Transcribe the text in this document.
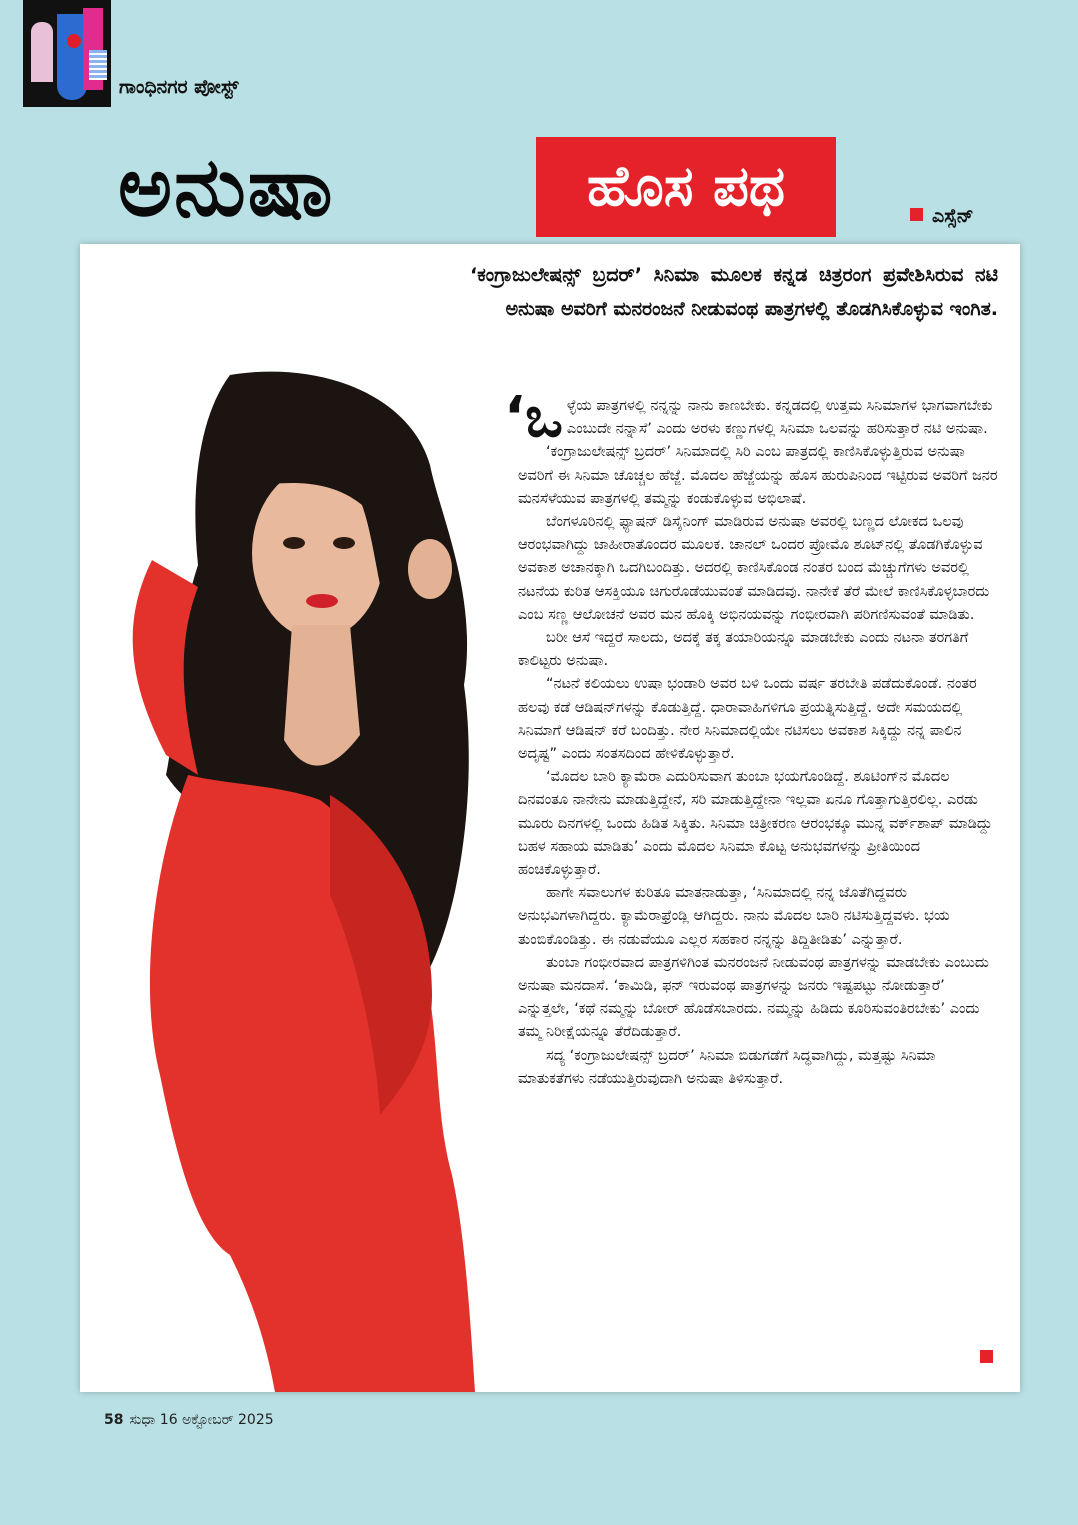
ಗಾಂಧಿನಗರ ಪೋಸ್ಟ್
ಅನುಷಾ	ಹೊಸ ಪಥ	ಎಸ್ಸೆನ್

‘ಕಂಗ್ರಾಜುಲೇಷನ್ಸ್ ಬ್ರದರ್’ ಸಿನಿಮಾ ಮೂಲಕ ಕನ್ನಡ ಚಿತ್ರರಂಗ ಪ್ರವೇಶಿಸಿರುವ ನಟಿ ಅನುಷಾ ಅವರಿಗೆ ಮನರಂಜನೆ ನೀಡುವಂಥ ಪಾತ್ರಗಳಲ್ಲಿ ತೊಡಗಿಸಿಕೊಳ್ಳುವ ಇಂಗಿತ.

‘ಒಳ್ಳೆಯ ಪಾತ್ರಗಳಲ್ಲಿ ನನ್ನನ್ನು ನಾನು ಕಾಣಬೇಕು. ಕನ್ನಡದಲ್ಲಿ ಉತ್ತಮ ಸಿನಿಮಾಗಳ ಭಾಗವಾಗಬೇಕು ಎಂಬುದೇ ನನ್ನಾಸೆ’ ಎಂದು ಅರಳು ಕಣ್ಣುಗಳಲ್ಲಿ ಸಿನಿಮಾ ಒಲವನ್ನು ಹರಿಸುತ್ತಾರೆ ನಟಿ ಅನುಷಾ.

‘ಕಂಗ್ರಾಜುಲೇಷನ್ಸ್ ಬ್ರದರ್’ ಸಿನಿಮಾದಲ್ಲಿ ಸಿರಿ ಎಂಬ ಪಾತ್ರದಲ್ಲಿ ಕಾಣಿಸಿಕೊಳ್ಳುತ್ತಿರುವ ಅನುಷಾ ಅವರಿಗೆ ಈ ಸಿನಿಮಾ ಚೊಚ್ಚಲ ಹೆಜ್ಜೆ. ಮೊದಲ ಹೆಜ್ಜೆಯನ್ನು ಹೊಸ ಹುರುಪಿನಿಂದ ಇಟ್ಟಿರುವ ಅವರಿಗೆ ಜನರ ಮನಸೆಳೆಯುವ ಪಾತ್ರಗಳಲ್ಲಿ ತಮ್ಮನ್ನು ಕಂಡುಕೊಳ್ಳುವ ಅಭಿಲಾಷೆ.

ಬೆಂಗಳೂರಿನಲ್ಲಿ ಫ್ಯಾಷನ್ ಡಿಸೈನಿಂಗ್ ಮಾಡಿರುವ ಅನುಷಾ ಅವರಲ್ಲಿ ಬಣ್ಣದ ಲೋಕದ ಒಲವು ಆರಂಭವಾಗಿದ್ದು ಜಾಹೀರಾತೊಂದರ ಮೂಲಕ. ಚಾನಲ್ ಒಂದರ ಪ್ರೋಮೊ ಶೂಟ್‌ನಲ್ಲಿ ತೊಡಗಿಕೊಳ್ಳುವ ಅವಕಾಶ ಅಚಾನಕ್ಕಾಗಿ ಒದಗಿಬಂದಿತ್ತು. ಅದರಲ್ಲಿ ಕಾಣಿಸಿಕೊಂಡ ನಂತರ ಬಂದ ಮೆಚ್ಚುಗೆಗಳು ಅವರಲ್ಲಿ ನಟನೆಯ ಕುರಿತ ಆಸಕ್ತಿಯೂ ಚಿಗುರೊಡೆಯುವಂತೆ ಮಾಡಿದವು. ನಾನೇಕೆ ತೆರೆ ಮೇಲೆ ಕಾಣಿಸಿಕೊಳ್ಳಬಾರದು ಎಂಬ ಸಣ್ಣ ಆಲೋಚನೆ ಅವರ ಮನ ಹೊಕ್ಕಿ ಅಭಿನಯವನ್ನು ಗಂಭೀರವಾಗಿ ಪರಿಗಣಿಸುವಂತೆ ಮಾಡಿತು.

ಬರೀ ಆಸೆ ಇದ್ದರೆ ಸಾಲದು, ಅದಕ್ಕೆ ತಕ್ಕ ತಯಾರಿಯನ್ನೂ ಮಾಡಬೇಕು ಎಂದು ನಟನಾ ತರಗತಿಗೆ ಕಾಲಿಟ್ಟರು ಅನುಷಾ.

“ನಟನೆ ಕಲಿಯಲು ಉಷಾ ಭಂಡಾರಿ ಅವರ ಬಳಿ ಒಂದು ವರ್ಷ ತರಬೇತಿ ಪಡೆದುಕೊಂಡೆ. ನಂತರ ಹಲವು ಕಡೆ ಆಡಿಷನ್‌ಗಳನ್ನು ಕೊಡುತ್ತಿದ್ದೆ. ಧಾರಾವಾಹಿಗಳಿಗೂ ಪ್ರಯತ್ನಿಸುತ್ತಿದ್ದೆ. ಅದೇ ಸಮಯದಲ್ಲಿ ಸಿನಿಮಾಗೆ ಆಡಿಷನ್ ಕರೆ ಬಂದಿತ್ತು. ನೇರ ಸಿನಿಮಾದಲ್ಲಿಯೇ ನಟಿಸಲು ಅವಕಾಶ ಸಿಕ್ಕಿದ್ದು ನನ್ನ ಪಾಲಿನ ಅದೃಷ್ಟ” ಎಂದು ಸಂತಸದಿಂದ ಹೇಳಿಕೊಳ್ಳುತ್ತಾರೆ.

‘ಮೊದಲ ಬಾರಿ ಕ್ಯಾಮೆರಾ ಎದುರಿಸುವಾಗ ತುಂಬಾ ಭಯಗೊಂಡಿದ್ದೆ. ಶೂಟಿಂಗ್‌ನ ಮೊದಲ ದಿನವಂತೂ ನಾನೇನು ಮಾಡುತ್ತಿದ್ದೇನೆ, ಸರಿ ಮಾಡುತ್ತಿದ್ದೇನಾ ಇಲ್ಲವಾ ಏನೂ ಗೊತ್ತಾಗುತ್ತಿರಲಿಲ್ಲ. ಎರಡು ಮೂರು ದಿನಗಳಲ್ಲಿ ಒಂದು ಹಿಡಿತ ಸಿಕ್ಕಿತು. ಸಿನಿಮಾ ಚಿತ್ರೀಕರಣ ಆರಂಭಕ್ಕೂ ಮುನ್ನ ವರ್ಕ್‌ಶಾಪ್ ಮಾಡಿದ್ದು ಬಹಳ ಸಹಾಯ ಮಾಡಿತು’ ಎಂದು ಮೊದಲ ಸಿನಿಮಾ ಕೊಟ್ಟ ಅನುಭವಗಳನ್ನು ಪ್ರೀತಿಯಿಂದ ಹಂಚಿಕೊಳ್ಳುತ್ತಾರೆ.

ಹಾಗೇ ಸವಾಲುಗಳ ಕುರಿತೂ ಮಾತನಾಡುತ್ತಾ, ‘ಸಿನಿಮಾದಲ್ಲಿ ನನ್ನ ಜೊತೆಗಿದ್ದವರು ಅನುಭವಿಗಳಾಗಿದ್ದರು. ಕ್ಯಾಮೆರಾಫ್ರೆಂಡ್ಲಿ ಆಗಿದ್ದರು. ನಾನು ಮೊದಲ ಬಾರಿ ನಟಿಸುತ್ತಿದ್ದವಳು. ಭಯ ತುಂಬಿಕೊಂಡಿತ್ತು. ಈ ನಡುವೆಯೂ ಎಲ್ಲರ ಸಹಕಾರ ನನ್ನನ್ನು ತಿದ್ದಿತೀಡಿತು’ ಎನ್ನುತ್ತಾರೆ.

ತುಂಬಾ ಗಂಭೀರವಾದ ಪಾತ್ರಗಳಿಗಿಂತ ಮನರಂಜನೆ ನೀಡುವಂಥ ಪಾತ್ರಗಳನ್ನು ಮಾಡಬೇಕು ಎಂಬುದು ಅನುಷಾ ಮನದಾಸೆ. ‘ಕಾಮಿಡಿ, ಫನ್ ಇರುವಂಥ ಪಾತ್ರಗಳನ್ನು ಜನರು ಇಷ್ಟಪಟ್ಟು ನೋಡುತ್ತಾರೆ’ ಎನ್ನುತ್ತಲೇ, ‘ಕಥೆ ನಮ್ಮನ್ನು ಬೋರ್ ಹೊಡೆಸಬಾರದು. ನಮ್ಮನ್ನು ಹಿಡಿದು ಕೂರಿಸುವಂತಿರಬೇಕು’ ಎಂದು ತಮ್ಮ ನಿರೀಕ್ಷೆಯನ್ನೂ ತೆರೆದಿಡುತ್ತಾರೆ.

ಸದ್ಯ ‘ಕಂಗ್ರಾಜುಲೇಷನ್ಸ್ ಬ್ರದರ್’ ಸಿನಿಮಾ ಬಿಡುಗಡೆಗೆ ಸಿದ್ಧವಾಗಿದ್ದು, ಮತ್ತಷ್ಟು ಸಿನಿಮಾ ಮಾತುಕತೆಗಳು ನಡೆಯುತ್ತಿರುವುದಾಗಿ ಅನುಷಾ ತಿಳಿಸುತ್ತಾರೆ.

58 ಸುಧಾ 16 ಅಕ್ಟೋಬರ್ 2025
